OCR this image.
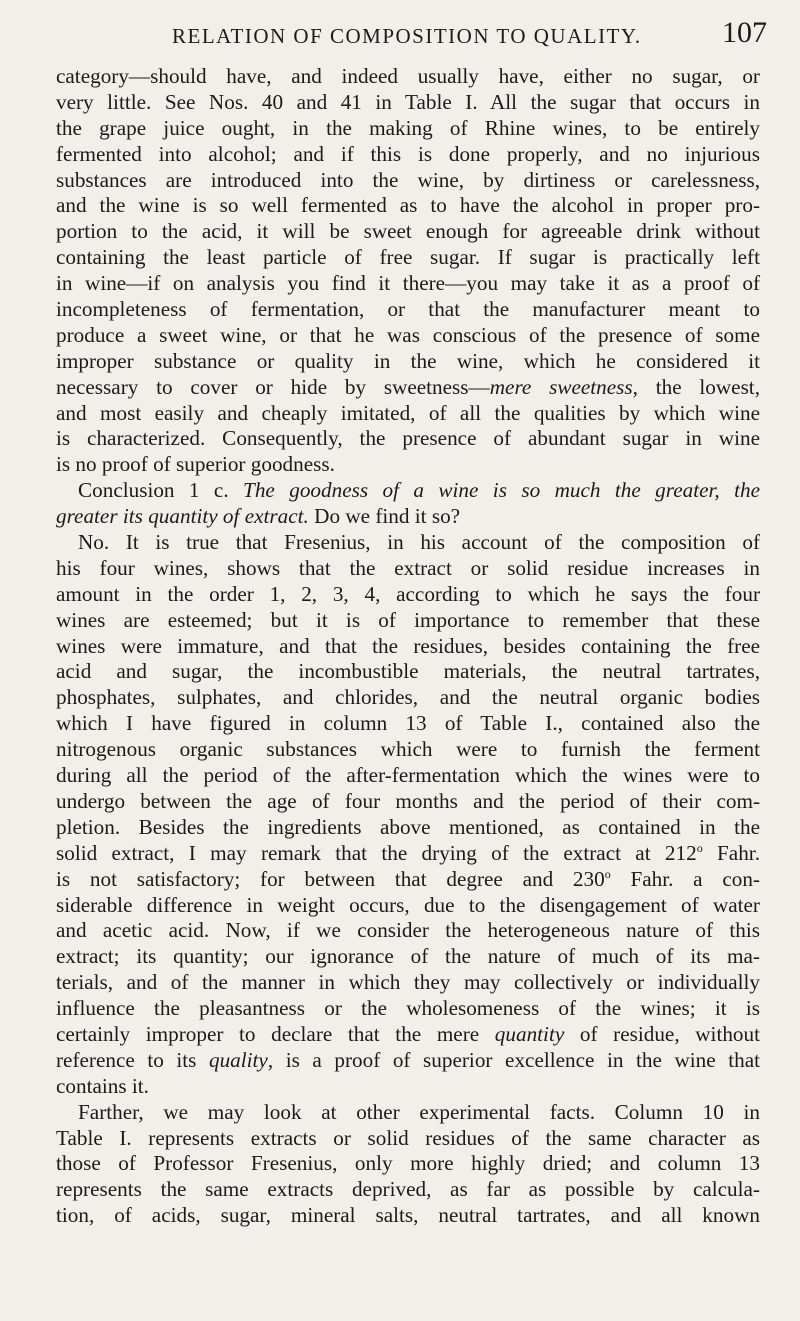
RELATION OF COMPOSITION TO QUALITY.	107
category—should have, and indeed usually have, either no sugar, or
very little. See Nos. 40 and 41 in Table I. All the sugar that occurs in
the grape juice ought, in the making of Rhine wines, to be entirely
fermented into alcohol; and if this is done properly, and no injurious
substances are introduced into the wine, by dirtiness or carelessness,
and the wine is so well fermented as to have the alcohol in proper pro-
portion to the acid, it will be sweet enough for agreeable drink without
containing the least particle of free sugar. If sugar is practically left
in wine—if on analysis you find it there—you may take it as a proof of
incompleteness of fermentation, or that the manufacturer meant to
produce a sweet wine, or that he was conscious of the presence of some
improper substance or quality in the wine, which he considered it
necessary to cover or hide by sweetness—mere sweetness, the lowest,
and most easily and cheaply imitated, of all the qualities by which wine
is characterized. Consequently, the presence of abundant sugar in wine
is no proof of superior goodness.
Conclusion 1 c. The goodness of a wine is so much the greater, the
greater its quantity of extract. Do we find it so?
No. It is true that Fresenius, in his account of the composition of
his four wines, shows that the extract or solid residue increases in
amount in the order 1, 2, 3, 4, according to which he says the four
wines are esteemed; but it is of importance to remember that these
wines were immature, and that the residues, besides containing the free
acid and sugar, the incombustible materials, the neutral tartrates,
phosphates, sulphates, and chlorides, and the neutral organic bodies
which I have figured in column 13 of Table I., contained also the
nitrogenous organic substances which were to furnish the ferment
during all the period of the after-fermentation which the wines were to
undergo between the age of four months and the period of their com-
pletion. Besides the ingredients above mentioned, as contained in the
solid extract, I may remark that the drying of the extract at 212$^o$ Fahr.
is not satisfactory; for between that degree and 230$^o$ Fahr. a con-
siderable difference in weight occurs, due to the disengagement of water
and acetic acid. Now, if we consider the heterogeneous nature of this
extract; its quantity; our ignorance of the nature of much of its ma-
terials, and of the manner in which they may collectively or individually
influence the pleasantness or the wholesomeness of the wines; it is
certainly improper to declare that the mere quantity of residue, without
reference to its quality, is a proof of superior excellence in the wine that
contains it.
Farther, we may look at other experimental facts. Column 10 in
Table I. represents extracts or solid residues of the same character as
those of Professor Fresenius, only more highly dried; and column 13
represents the same extracts deprived, as far as possible by calcula-
tion, of acids, sugar, mineral salts, neutral tartrates, and all known
